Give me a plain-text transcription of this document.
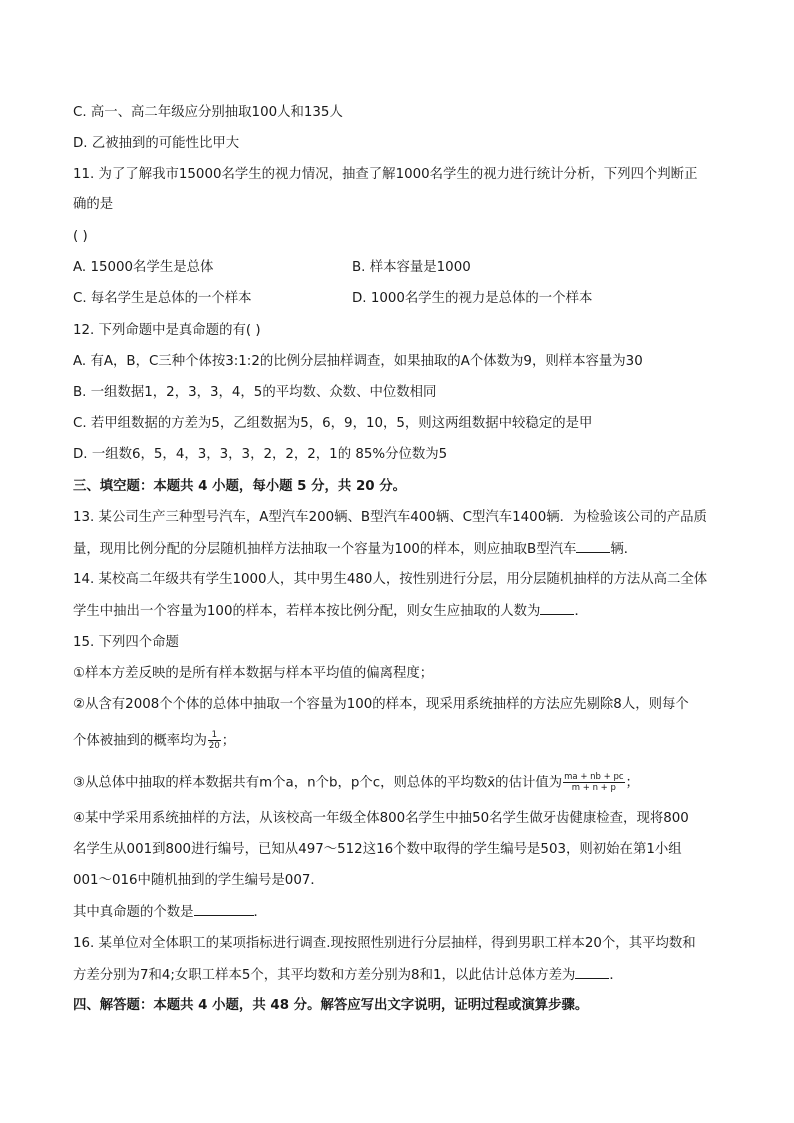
C. 高一、高二年级应分别抽取100人和135人

D. 乙被抽到的可能性比甲大

11. 为了了解我市15000名学生的视力情况，抽查了解1000名学生的视力进行统计分析，下列四个判断正

确的是

( )

A. 15000名学生是总体	B. 样本容量是1000

C. 每名学生是总体的一个样本	D. 1000名学生的视力是总体的一个样本

12. 下列命题中是真命题的有( )

A. 有A，B，C三种个体按3:1:2的比例分层抽样调查，如果抽取的A个体数为9，则样本容量为30

B. 一组数据1，2，3，3，4，5的平均数、众数、中位数相同

C. 若甲组数据的方差为5，乙组数据为5，6，9，10，5，则这两组数据中较稳定的是甲

D. 一组数6，5，4，3，3，3，2，2，2，1的 85%分位数为5

三、填空题：本题共 4 小题，每小题 5 分，共 20 分。

13. 某公司生产三种型号汽车，A型汽车200辆、B型汽车400辆、C型汽车1400辆．为检验该公司的产品质

量，现用比例分配的分层随机抽样方法抽取一个容量为100的样本，则应抽取B型汽车	辆．

14. 某校高二年级共有学生1000人，其中男生480人，按性别进行分层，用分层随机抽样的方法从高二全体

学生中抽出一个容量为100的样本，若样本按比例分配，则女生应抽取的人数为	．

15. 下列四个命题

①样本方差反映的是所有样本数据与样本平均值的偏离程度；

②从含有2008个个体的总体中抽取一个容量为100的样本，现采用系统抽样的方法应先剔除8人，则每个

个体被抽到的概率均为 $\frac{1}{20}$ ；

③从总体中抽取的样本数据共有m个a，n个b，p个c，则总体的平均数x̄的估计值为 $\frac{ma + nb + pc}{m + n + p}$ ；

④某中学采用系统抽样的方法，从该校高一年级全体800名学生中抽50名学生做牙齿健康检查，现将800

名学生从001到800进行编号，已知从497～512这16个数中取得的学生编号是503，则初始在第1小组

001～016中随机抽到的学生编号是007．

其中真命题的个数是	．

16. 某单位对全体职工的某项指标进行调查.现按照性别进行分层抽样，得到男职工样本20个，其平均数和

方差分别为7和4;女职工样本5个，其平均数和方差分别为8和1，以此估计总体方差为	．

四、解答题：本题共 4 小题，共 48 分。解答应写出文字说明，证明过程或演算步骤。
